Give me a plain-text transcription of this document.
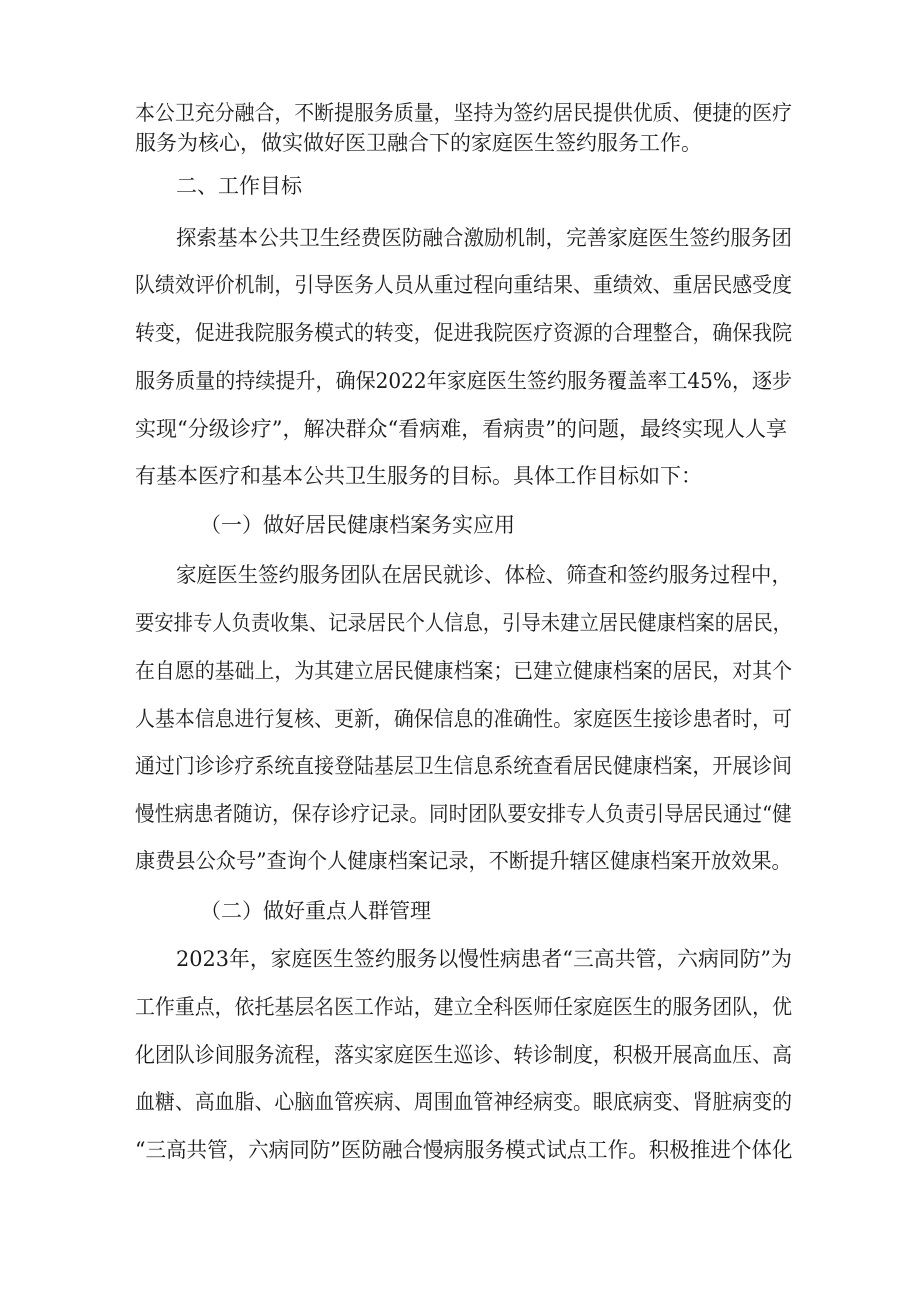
本公卫充分融合，不断提服务质量，坚持为签约居民提供优质、便捷的医疗
服务为核心，做实做好医卫融合下的家庭医生签约服务工作。
二、工作目标
探索基本公共卫生经费医防融合激励机制，完善家庭医生签约服务团
队绩效评价机制，引导医务人员从重过程向重结果、重绩效、重居民感受度
转变，促进我院服务模式的转变，促进我院医疗资源的合理整合，确保我院
服务质量的持续提升，确保2022年家庭医生签约服务覆盖率工45%，逐步
实现“分级诊疗”，解决群众“看病难，看病贵”的问题，最终实现人人享
有基本医疗和基本公共卫生服务的目标。具体工作目标如下：
（一）做好居民健康档案务实应用
家庭医生签约服务团队在居民就诊、体检、筛查和签约服务过程中，
要安排专人负责收集、记录居民个人信息，引导未建立居民健康档案的居民，
在自愿的基础上，为其建立居民健康档案；已建立健康档案的居民，对其个
人基本信息进行复核、更新，确保信息的准确性。家庭医生接诊患者时，可
通过门诊诊疗系统直接登陆基层卫生信息系统查看居民健康档案，开展诊间
慢性病患者随访，保存诊疗记录。同时团队要安排专人负责引导居民通过“健
康费县公众号”查询个人健康档案记录，不断提升辖区健康档案开放效果。
（二）做好重点人群管理
2023年，家庭医生签约服务以慢性病患者“三高共管，六病同防”为
工作重点，依托基层名医工作站，建立全科医师任家庭医生的服务团队，优
化团队诊间服务流程，落实家庭医生巡诊、转诊制度，积极开展高血压、高
血糖、高血脂、心脑血管疾病、周围血管神经病变。眼底病变、肾脏病变的
“三高共管，六病同防”医防融合慢病服务模式试点工作。积极推进个体化
